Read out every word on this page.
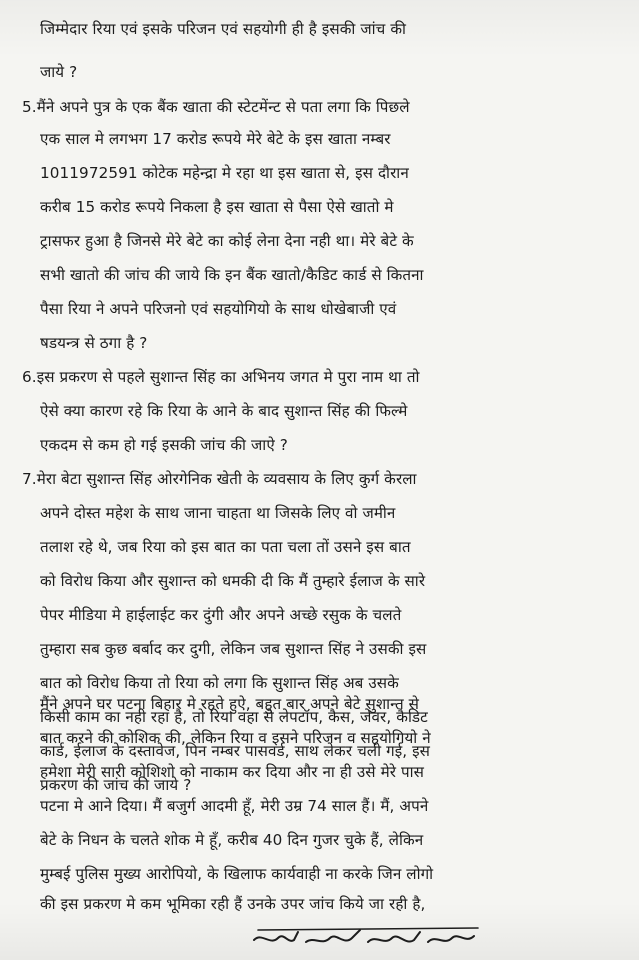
जिम्मेदार रिया एवं इसके परिजन एवं सहयोगी ही है इसकी जांच की
जाये ?
5.मैंने अपने पुत्र के एक बैंक खाता की स्टेटमेंन्ट से पता लगा कि पिछले
एक साल मे लगभग 17 करोड रूपये मेरे बेटे के इस खाता नम्बर
1011972591 कोटेक महेन्द्रा मे रहा था इस खाता से, इस दौरान
करीब 15 करोड रूपये निकला है इस खाता से पैसा ऐसे खातो मे
ट्रासफर हुआ है जिनसे मेरे बेटे का कोई लेना देना नही था। मेरे बेटे के
सभी खातो की जांच की जाये कि इन बैंक खातो/कैडिट कार्ड से कितना
पैसा रिया ने अपने परिजनो एवं सहयोगियो के साथ धोखेबाजी एवं
षडयन्त्र से ठगा है ?
6.इस प्रकरण से पहले सुशान्त सिंह का अभिनय जगत मे पुरा नाम था तो
ऐसे क्या कारण रहे कि रिया के आने के बाद सुशान्त सिंह की फिल्मे
एकदम से कम हो गई इसकी जांच की जाऐ ?
7.मेरा बेटा सुशान्त सिंह ओरगेनिक खेती के व्यवसाय के लिए कुर्ग केरला
अपने दोस्त महेश के साथ जाना चाहता था जिसके लिए वो जमीन
तलाश रहे थे, जब रिया को इस बात का पता चला तों उसने इस बात
को विरोध किया और सुशान्त को धमकी दी कि मैं तुम्हारे ईलाज के सारे
पेपर मीडिया मे हाईलाईट कर दुंगी और अपने अच्छे रसुक के चलते
तुम्हारा सब कुछ बर्बाद कर दुगी, लेकिन जब सुशान्त सिंह ने उसकी इस
बात को विरोध किया तो रिया को लगा कि सुशान्त सिंह अब उसके
किसी काम का नही रहा है, तो रिया वहा से लेपटॉप, कैस, जेवर, कैडिट
कार्ड, ईलाज के दस्तावेज, पिन नम्बर पासवर्ड, साथ लेकर चली गई, इस
प्रकरण की जांच की जाये ?
मैंने अपने घर पटना बिहार मे रहते हुऐ, बहुत बार अपने बेटे सुशान्त से
बात करने की कोशिक की, लेकिन रिया व इसने परिजन व सहयोगियो ने
हमेशा मेरी सारी कोशिशो को नाकाम कर दिया और ना ही उसे मेरे पास
पटना मे आने दिया। मैं बजुर्ग आदमी हूँ, मेरी उम्र 74 साल हैं। मैं, अपने
बेटे के निधन के चलते शोक मे हूँ, करीब 40 दिन गुजर चुके हैं, लेकिन
मुम्बई पुलिस मुख्य आरोपियो, के खिलाफ कार्यवाही ना करके जिन लोगो
की इस प्रकरण मे कम भूमिका रही हैं उनके उपर जांच किये जा रही है,
